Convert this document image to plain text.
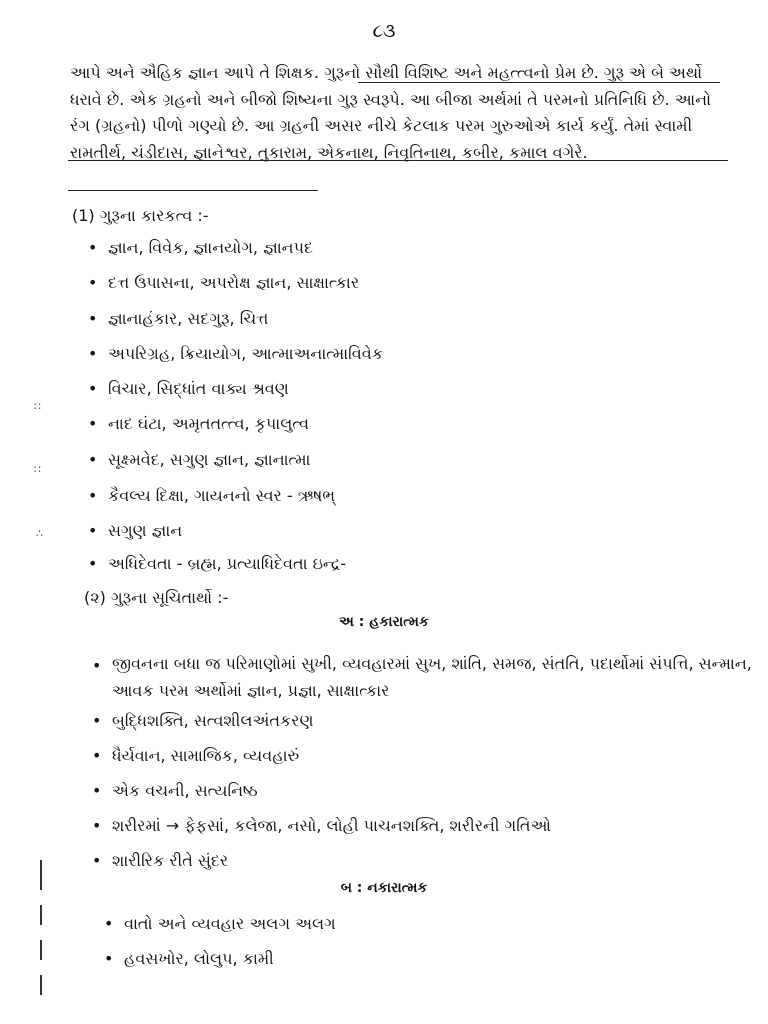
૮૩

આપે અને ઐહિક જ્ઞાન આપે તે શિક્ષક. ગુરૂનો સૌથી વિશિષ્ટ અને મહત્ત્વનો પ્રેમ છે. ગુરૂ એ બે અર્થો ધરાવે છે. એક ગ્રહનો અને બીજો શિષ્યના ગુરૂ સ્વરૂપે. આ બીજા અર્થમાં તે પરમનો પ્રતિનિધિ છે. આનો રંગ (ગ્રહનો) પીળો ગણ્યો છે. આ ગ્રહની અસર નીચે કેટલાક પરમ ગુરુઓએ કાર્ય કર્યું. તેમાં સ્વામી રામતીર્થ, ચંડીદાસ, જ્ઞાનેશ્વર, તુકારામ, એકનાથ, નિવૃતિનાથ, કબીર, કમાલ વગેરે.

(1) ગુરૂના કારકત્વ :-
• જ્ઞાન, વિવેક, જ્ઞાનયોગ, જ્ઞાનપદ
• દત્ત ઉપાસના, અપરોક્ષ જ્ઞાન, સાક્ષાત્કાર
• જ્ઞાનાહંકાર, સદગુરૂ, ચિત્ત
• અપરિગ્રહ, ક્રિયાયોગ, આત્માઅનાત્માવિવેક
• વિચાર, સિદ્ધાંત વાક્ય શ્રવણ
• નાદ ઘંટા, અમૃતતત્ત્વ, કૃપાલુત્વ
• સૂક્ષ્મવેદ, સગુણ જ્ઞાન, જ્ઞાનાત્મા
• કૈવલ્ય દિક્ષા, ગાયનનો સ્વર - ઋષભ્
• સગુણ જ્ઞાન
• અધિદેવતા - બ્રહ્મ, પ્રત્યાધિદેવતા ઇન્દ્ર-
(૨) ગુરૂના સૂચિતાર્થો :-
અ : હકારાત્મક
• જીવનના બધા જ પરિમાણોમાં સુખી, વ્યવહારમાં સુખ, શાંતિ, સમજ, સંતતિ, પદાર્થોમાં સંપત્તિ, સન્માન, આવક પરમ અર્થોમાં જ્ઞાન, પ્રજ્ઞા, સાક્ષાત્કાર
• બુદ્ધિશક્તિ, સત્વશીલઅંતકરણ
• ધૈર્યવાન, સામાજિક, વ્યવહારું
• એક વચની, સત્યનિષ્ઠ
• શરીરમાં → ફેફસાં, કલેજા, નસો, લોહી પાચનશક્તિ, શરીરની ગતિઓ
• શારીરિક રીતે સુંદર
બ : નકારાત્મક
• વાતો અને વ્યવહાર અલગ અલગ
• હવસખોર, લોલુપ, કામી
∷
∷
∴
